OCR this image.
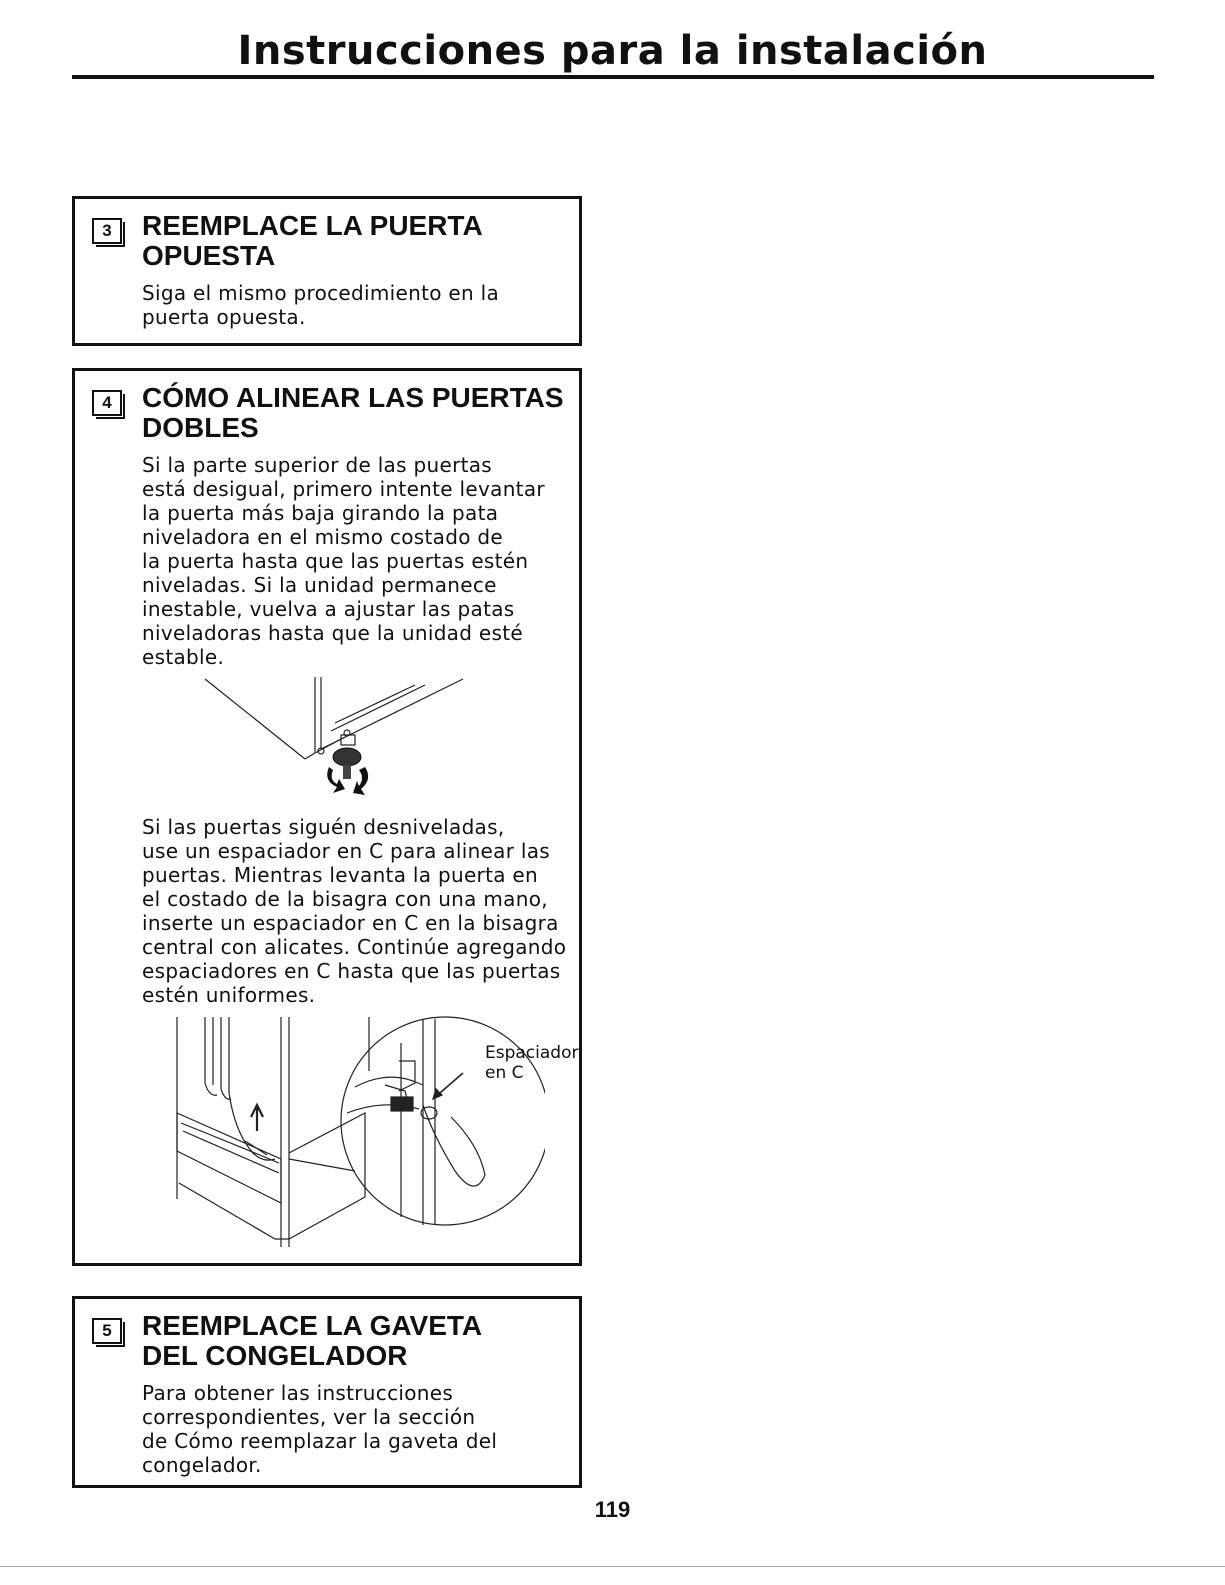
Instrucciones para la instalación
3	REEMPLACE LA PUERTA
OPUESTA

Siga el mismo procedimiento en la
puerta opuesta.

4	CÓMO ALINEAR LAS PUERTAS
DOBLES

Si la parte superior de las puertas
está desigual, primero intente levantar
la puerta más baja girando la pata
niveladora en el mismo costado de
la puerta hasta que las puertas estén
niveladas. Si la unidad permanece
inestable, vuelva a ajustar las patas
niveladoras hasta que la unidad esté
estable.

Si las puertas siguén desniveladas,
use un espaciador en C para alinear las
puertas. Mientras levanta la puerta en
el costado de la bisagra con una mano,
inserte un espaciador en C en la bisagra
central con alicates. Continúe agregando
espaciadores en C hasta que las puertas
estén uniformes.

Espaciador
en C

5	REEMPLACE LA GAVETA
DEL CONGELADOR

Para obtener las instrucciones
correspondientes, ver la sección
de Cómo reemplazar la gaveta del
congelador.

119
